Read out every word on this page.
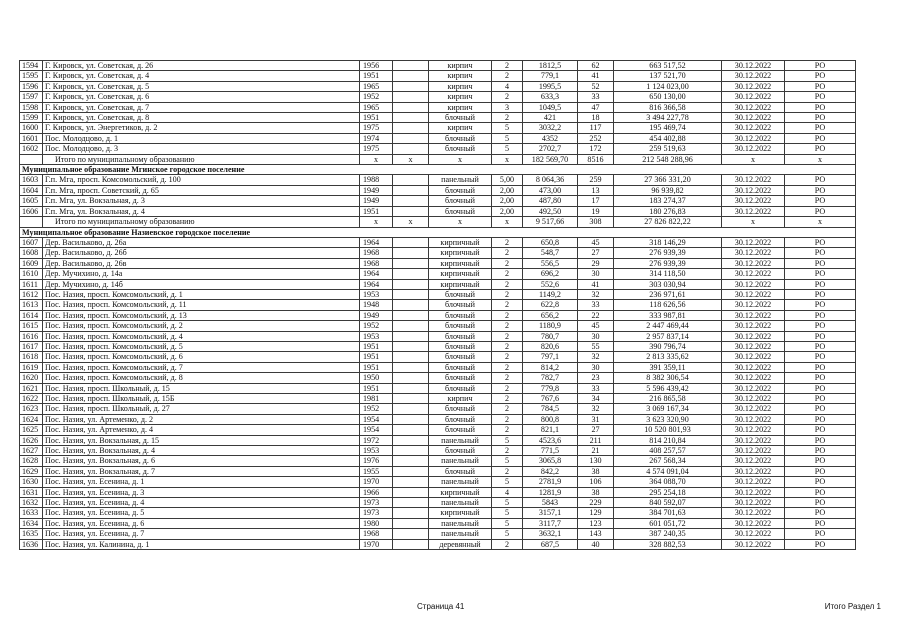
1594	Г. Кировск, ул. Советская, д. 26	1956		кирпич	2	1812,5	62	663 517,52	30.12.2022	РО
1595	Г. Кировск, ул. Советская, д. 4	1951		кирпич	2	779,1	41	137 521,70	30.12.2022	РО
1596	Г. Кировск, ул. Советская, д. 5	1965		кирпич	4	1995,5	52	1 124 023,00	30.12.2022	РО
1597	Г. Кировск, ул. Советская, д. 6	1952		кирпич	2	633,3	33	650 130,00	30.12.2022	РО
1598	Г. Кировск, ул. Советская, д. 7	1965		кирпич	3	1049,5	47	816 366,58	30.12.2022	РО
1599	Г. Кировск, ул. Советская, д. 8	1951		блочный	2	421	18	3 494 227,78	30.12.2022	РО
1600	Г. Кировск, ул. Энергетиков, д. 2	1975		кирпич	5	3032,2	117	195 469,74	30.12.2022	РО
1601	Пос. Молодцово, д. 1	1974		блочный	5	4352	252	454 402,88	30.12.2022	РО
1602	Пос. Молодцово, д. 3	1975		блочный	5	2702,7	172	259 519,63	30.12.2022	РО
	Итого по муниципальному образованию	х	х	х	х	182 569,70	8516	212 548 288,96	х	х
Муниципальное образование Мгинское городское поселение										
1603	Г.п. Мга, просп. Комсомольский, д. 100	1988		панельный	5,00	8 064,36	259	27 366 331,20	30.12.2022	РО
1604	Г.п. Мга, просп. Советский, д. 65	1949		блочный	2,00	473,00	13	96 939,82	30.12.2022	РО
1605	Г.п. Мга, ул. Вокзальная, д. 3	1949		блочный	2,00	487,80	17	183 274,37	30.12.2022	РО
1606	Г.п. Мга, ул. Вокзальная, д. 4	1951		блочный	2,00	492,50	19	180 276,83	30.12.2022	РО
	Итого по муниципальному образованию	х	х	х	х	9 517,66	308	27 826 822,22	х	х
Муниципальное образование Назиевское городское поселение										
1607	Дер. Васильково, д. 26а	1964		кирпичный	2	650,8	45	318 146,29	30.12.2022	РО
1608	Дер. Васильково, д. 26б	1968		кирпичный	2	548,7	27	276 939,39	30.12.2022	РО
1609	Дер. Васильково, д. 26в	1968		кирпичный	2	556,5	29	276 939,39	30.12.2022	РО
1610	Дер. Мучихино, д. 14а	1964		кирпичный	2	696,2	30	314 118,50	30.12.2022	РО
1611	Дер. Мучихино, д. 14б	1964		кирпичный	2	552,6	41	303 030,94	30.12.2022	РО
1612	Пос. Назия, просп. Комсомольский, д. 1	1953		блочный	2	1149,2	32	236 971,61	30.12.2022	РО
1613	Пос. Назия, просп. Комсомольский, д. 11	1948		блочный	2	622,8	33	118 626,56	30.12.2022	РО
1614	Пос. Назия, просп. Комсомольский, д. 13	1949		блочный	2	656,2	22	333 987,81	30.12.2022	РО
1615	Пос. Назия, просп. Комсомольский, д. 2	1952		блочный	2	1180,9	45	2 447 469,44	30.12.2022	РО
1616	Пос. Назия, просп. Комсомольский, д. 4	1953		блочный	2	780,7	30	2 957 837,14	30.12.2022	РО
1617	Пос. Назия, просп. Комсомольский, д. 5	1951		блочный	2	820,6	55	390 796,74	30.12.2022	РО
1618	Пос. Назия, просп. Комсомольский, д. 6	1951		блочный	2	797,1	32	2 813 335,62	30.12.2022	РО
1619	Пос. Назия, просп. Комсомольский, д. 7	1951		блочный	2	814,2	30	391 359,11	30.12.2022	РО
1620	Пос. Назия, просп. Комсомольский, д. 8	1950		блочный	2	782,7	23	8 382 306,54	30.12.2022	РО
1621	Пос. Назия, просп. Школьный, д. 15	1951		блочный	2	779,8	33	5 596 439,42	30.12.2022	РО
1622	Пос. Назия, просп. Школьный, д. 15Б	1981		кирпич	2	767,6	34	216 865,58	30.12.2022	РО
1623	Пос. Назия, просп. Школьный, д. 27	1952		блочный	2	784,5	32	3 069 167,34	30.12.2022	РО
1624	Пос. Назия, ул. Артеменко, д. 2	1954		блочный	2	800,8	31	3 623 320,90	30.12.2022	РО
1625	Пос. Назия, ул. Артеменко, д. 4	1954		блочный	2	821,1	27	10 520 801,93	30.12.2022	РО
1626	Пос. Назия, ул. Вокзальная, д. 15	1972		панельный	5	4523,6	211	814 210,84	30.12.2022	РО
1627	Пос. Назия, ул. Вокзальная, д. 4	1953		блочный	2	771,5	21	408 257,57	30.12.2022	РО
1628	Пос. Назия, ул. Вокзальная, д. 6	1976		панельный	5	3065,8	130	267 568,34	30.12.2022	РО
1629	Пос. Назия, ул. Вокзальная, д. 7	1955		блочный	2	842,2	38	4 574 091,04	30.12.2022	РО
1630	Пос. Назия, ул. Есенина, д. 1	1970		панельный	5	2781,9	106	364 088,70	30.12.2022	РО
1631	Пос. Назия, ул. Есенина, д. 3	1966		кирпичный	4	1281,9	38	295 254,18	30.12.2022	РО
1632	Пос. Назия, ул. Есенина, д. 4	1973		панельный	5	5843	229	840 592,07	30.12.2022	РО
1633	Пос. Назия, ул. Есенина, д. 5	1973		кирпичный	5	3157,1	129	384 701,63	30.12.2022	РО
1634	Пос. Назия, ул. Есенина, д. 6	1980		панельный	5	3117,7	123	601 051,72	30.12.2022	РО
1635	Пос. Назия, ул. Есенина, д. 7	1968		панельный	5	3632,1	143	387 240,35	30.12.2022	РО
1636	Пос. Назия, ул. Калинина, д. 1	1970		деревянный	2	687,5	40	328 882,53	30.12.2022	РО
Страница 41	Итого Раздел 1
